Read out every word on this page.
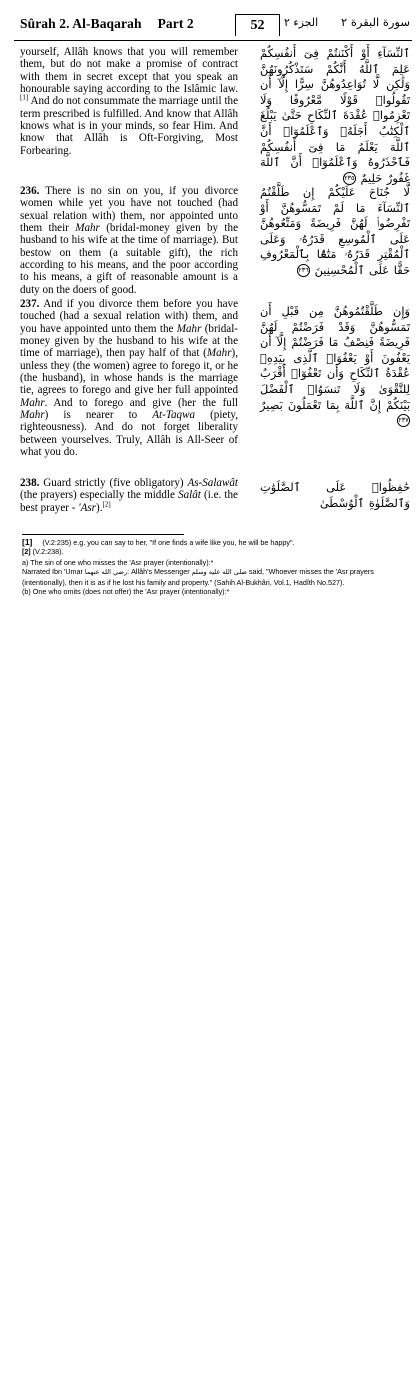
Sûrah 2. Al-Baqarah Part 2	52	الجزء ٢ سورة البقرة ٢
yourself, Allâh knows that you will remember them, but do not make a promise of contract with them in secret except that you speak an honourable saying according to the Islâmic law.[1] And do not consummate the marriage until the term prescribed is fulfilled. And know that Allâh knows what is in your minds, so fear Him. And know that Allâh is Oft-Forgiving, Most Forbearing.
ٱلنِّسَآءِ أَوْ أَكْنَنتُمْ فِىٓ أَنفُسِكُمْ عَلِمَ ٱللَّهُ أَنَّكُمْ سَتَذْكُرُونَهُنَّ وَلَٰكِن لَّا تُوَاعِدُوهُنَّ سِرًّا إِلَّآ أَن تَقُولُوا۟ قَوْلًا مَّعْرُوفًا وَلَا تَعْزِمُوا۟ عُقْدَةَ ٱلنِّكَاحِ حَتَّىٰ يَبْلُغَ ٱلْكِتَٰبُ أَجَلَهُۥ وَٱعْلَمُوٓا۟ أَنَّ ٱللَّهَ يَعْلَمُ مَا فِىٓ أَنفُسِكُمْ فَٱحْذَرُوهُ وَٱعْلَمُوٓا۟ أَنَّ ٱللَّهَ غَفُورٌ حَلِيمٌ ٢٣٥
236. There is no sin on you, if you divorce women while yet you have not touched (had sexual relation with) them, nor appointed unto them their Mahr (bridal-money given by the husband to his wife at the time of marriage). But bestow on them (a suitable gift), the rich according to his means, and the poor according to his means, a gift of reasonable amount is a duty on the doers of good.
لَّا جُنَاحَ عَلَيْكُمْ إِن طَلَّقْتُمُ ٱلنِّسَآءَ مَا لَمْ تَمَسُّوهُنَّ أَوْ تَفْرِضُوا۟ لَهُنَّ فَرِيضَةً وَمَتِّعُوهُنَّ عَلَى ٱلْمُوسِعِ قَدَرُهُۥ وَعَلَى ٱلْمُقْتِرِ قَدَرُهُۥ مَتَٰعًۢا بِٱلْمَعْرُوفِ حَقًّا عَلَى ٱلْمُحْسِنِينَ ٢٣٦
237. And if you divorce them before you have touched (had a sexual relation with) them, and you have appointed unto them the Mahr (bridal-money given by the husband to his wife at the time of marriage), then pay half of that (Mahr), unless they (the women) agree to forego it, or he (the husband), in whose hands is the marriage tie, agrees to forego and give her full appointed Mahr. And to forego and give (her the full Mahr) is nearer to At-Taqwa (piety, righteousness). And do not forget liberality between yourselves. Truly, Allâh is All-Seer of what you do.
وَإِن طَلَّقْتُمُوهُنَّ مِن قَبْلِ أَن تَمَسُّوهُنَّ وَقَدْ فَرَضْتُمْ لَهُنَّ فَرِيضَةً فَنِصْفُ مَا فَرَضْتُمْ إِلَّآ أَن يَعْفُونَ أَوْ يَعْفُوَا۟ ٱلَّذِى بِيَدِهِۦ عُقْدَةُ ٱلنِّكَاحِ وَأَن تَعْفُوٓا۟ أَقْرَبُ لِلتَّقْوَىٰ وَلَا تَنسَوُا۟ ٱلْفَضْلَ بَيْنَكُمْ إِنَّ ٱللَّهَ بِمَا تَعْمَلُونَ بَصِيرٌ ٢٣٧
238. Guard strictly (five obligatory) As-Salawât (the prayers) especially the middle Salât (i.e. the best prayer - 'Asr).[2]
حَٰفِظُوا۟ عَلَى ٱلصَّلَوَٰتِ وَٱلصَّلَوٰةِ ٱلْوُسْطَىٰ

[1] (V.2:235) e.g. you can say to her, "If one finds a wife like you, he will be happy".

[2] (V.2:238).

a) The sin of one who misses the 'Asr prayer (intentionally):*

Narrated Ibn 'Umar رضي الله عنهما: Allâh's Messenger صلى الله عليه وسلم said, "Whoever misses the 'Asr prayers (intentionally), then it is as if he lost his family and property." (Sahih Al-Bukhâri, Vol.1, Hadîth No.527).

(b) One who omits (does not offer) the 'Asr prayer (intentionally):*
